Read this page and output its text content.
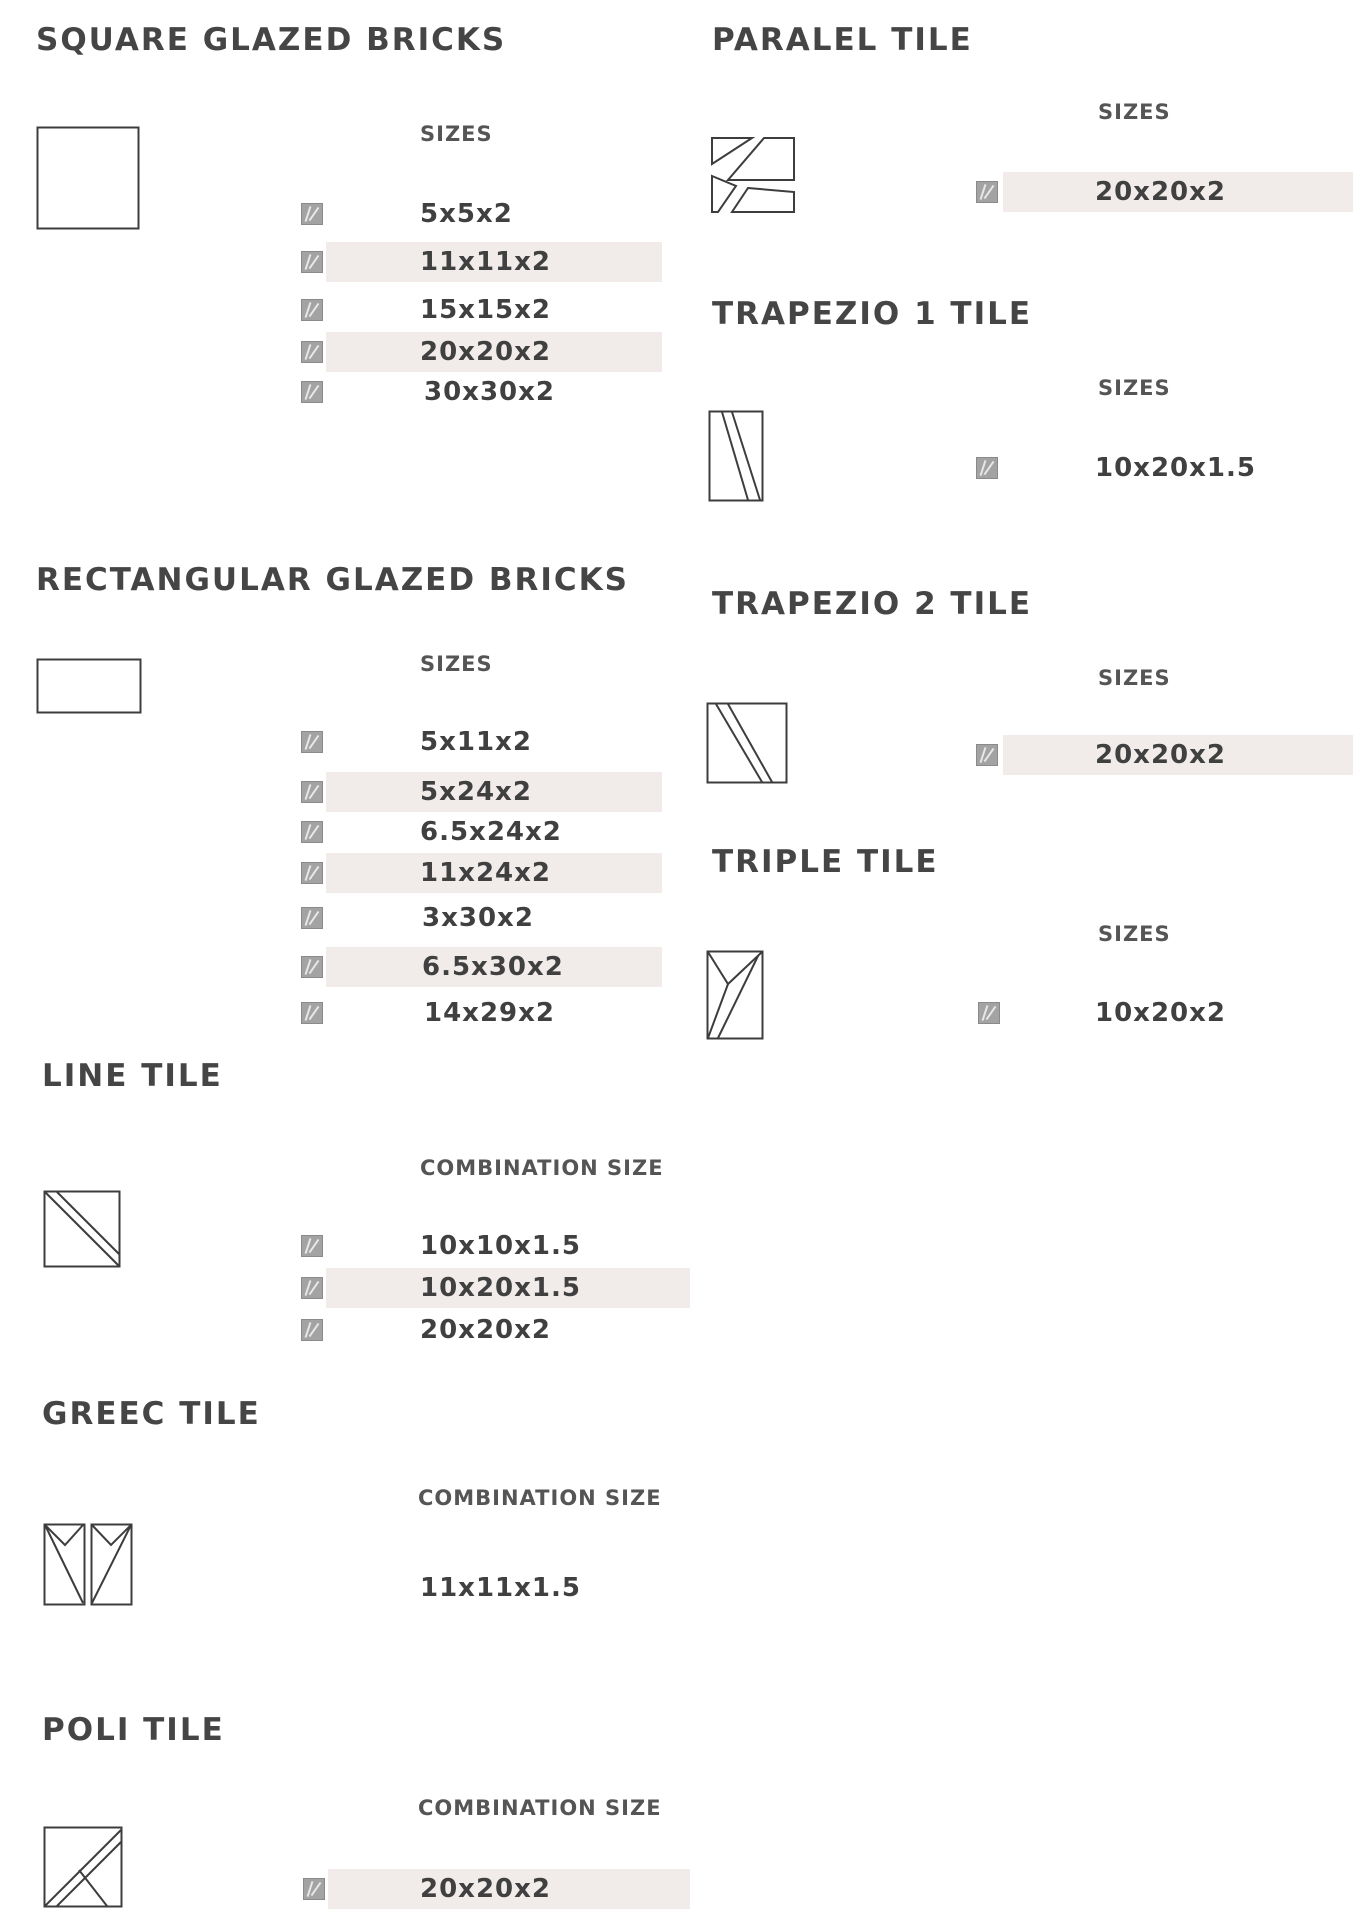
SQUARE GLAZED BRICKS
SIZES
5x5x2
11x11x2
15x15x2
20x20x2
30x30x2
RECTANGULAR GLAZED BRICKS
SIZES
5x11x2
5x24x2
6.5x24x2
11x24x2
3x30x2
6.5x30x2
14x29x2
LINE TILE
COMBINATION SIZE
10x10x1.5
10x20x1.5
20x20x2
GREEC TILE
COMBINATION SIZE
11x11x1.5
POLI TILE
COMBINATION SIZE
20x20x2
PARALEL TILE
SIZES
20x20x2
TRAPEZIO 1 TILE
SIZES
10x20x1.5
TRAPEZIO 2 TILE
SIZES
20x20x2
TRIPLE TILE
SIZES
10x20x2
